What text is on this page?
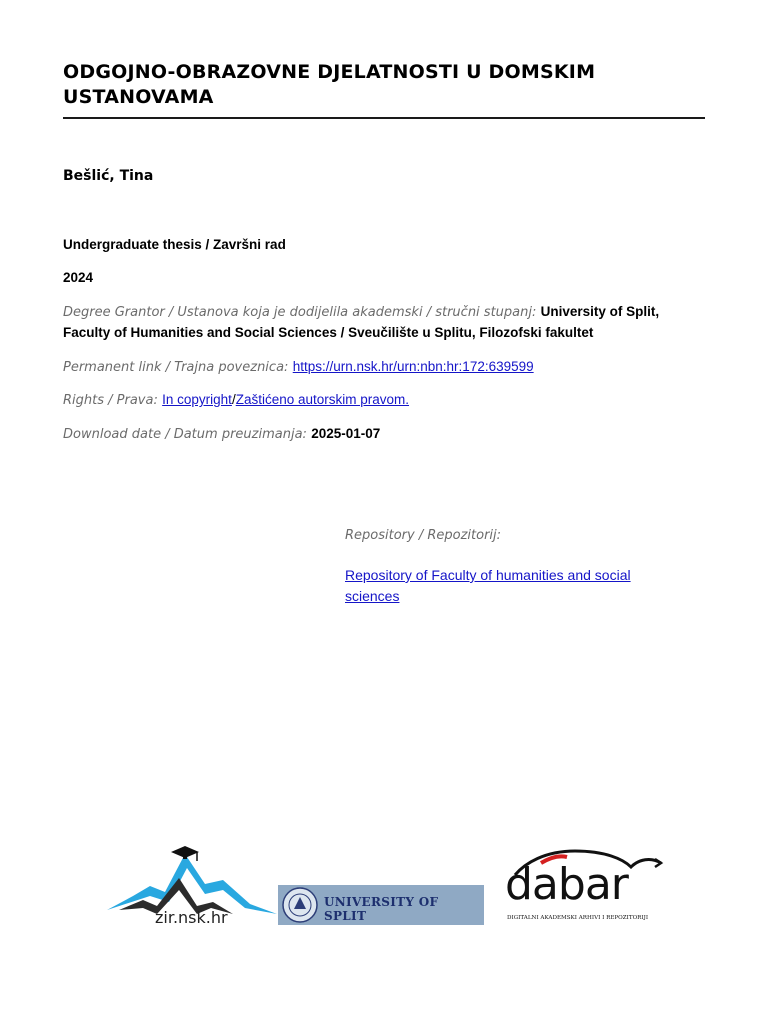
ODGOJNO-OBRAZOVNE DJELATNOSTI U DOMSKIM USTANOVAMA
Bešlić, Tina
Undergraduate thesis / Završni rad
2024
Degree Grantor / Ustanova koja je dodijelila akademski / stručni stupanj: University of Split, Faculty of Humanities and Social Sciences / Sveučilište u Splitu, Filozofski fakultet
Permanent link / Trajna poveznica: https://urn.nsk.hr/urn:nbn:hr:172:639599
Rights / Prava: In copyright/Zaštićeno autorskim pravom.
Download date / Datum preuzimanja: 2025-01-07
Repository / Repozitorij:
Repository of Faculty of humanities and social sciences
zir.nsk.hr
UNIVERSITY OF SPLIT
dabar
DIGITALNI AKADEMSKI ARHIVI I REPOZITORIJI
